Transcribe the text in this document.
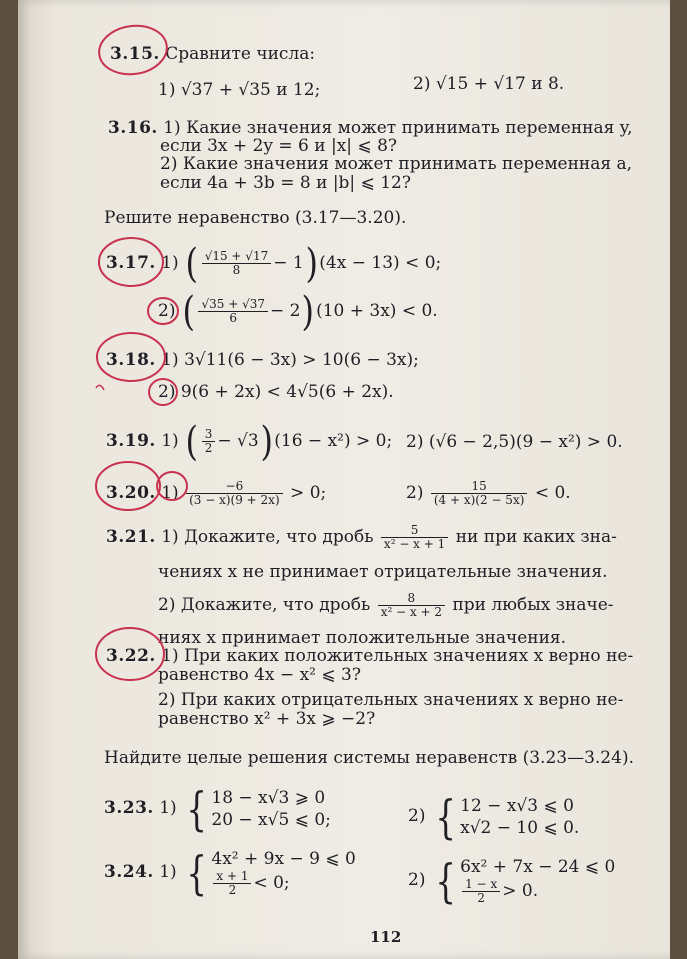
3.15. Сравните числа:
1) √37 + √35 и 12;	2) √15 + √17 и 8.
3.16. 1) Какие значения может принимать переменная y,
если 3x + 2y = 6 и |x| ⩽ 8?
2) Какие значения может принимать переменная a,
если 4a + 3b = 8 и |b| ⩽ 12?
Решите неравенство (3.17—3.20).
3.17. 1) ( $\frac{√15 + √17}{8} - 1)(4x - 13) < 0$;
2) ( $\frac{√35 + √37}{6} - 2)(10 + 3x) < 0$.
3.18. 1) 3√11(6 − 3x) > 10(6 − 3x);
2) 9(6 + 2x) < 4√5(6 + 2x).
3.19. 1) ( $\frac{3}{2} - √3)(16 - x^2) > 0$; 2) (√6 − 2,5)(9 − x²) > 0.
3.20. $1) \frac{-6}{(3 - x)(9 + 2x)} > 0$;	$2) \frac{15}{(4 + x)(2 - 5x)} < 0$.
3.21. 1) Докажите, что дробь $\frac{5}{\text{x² − x + 1}}$ ни при каких зна-
чениях x не принимает отрицательные значения.
2) Докажите, что дробь $\frac{8}{\text{x² − x + 2}}$ при любых значе-
ниях x принимает положительные значения.
3.22. 1) При каких положительных значениях x верно не-
равенство 4x − x² ⩽ 3?
2) При каких отрицательных значениях x верно не-
равенство x² + 3x ⩾ −2?
Найдите целые решения системы неравенств (3.23—3.24).
3.23. 1) { 18 − x√3 ⩾ 0
20 − x√5 ⩽ 0;	2) { 12 − x√3 ⩽ 0
x√2 − 10 ⩽ 0.
3.24. 1) { 4x² + 9x − 9 ⩽ 0
$\frac{x + 1}{2} < 0$;	2) { 6x² + 7x − 24 ⩽ 0
$\frac{1 - x}{2} > 0$.
112
